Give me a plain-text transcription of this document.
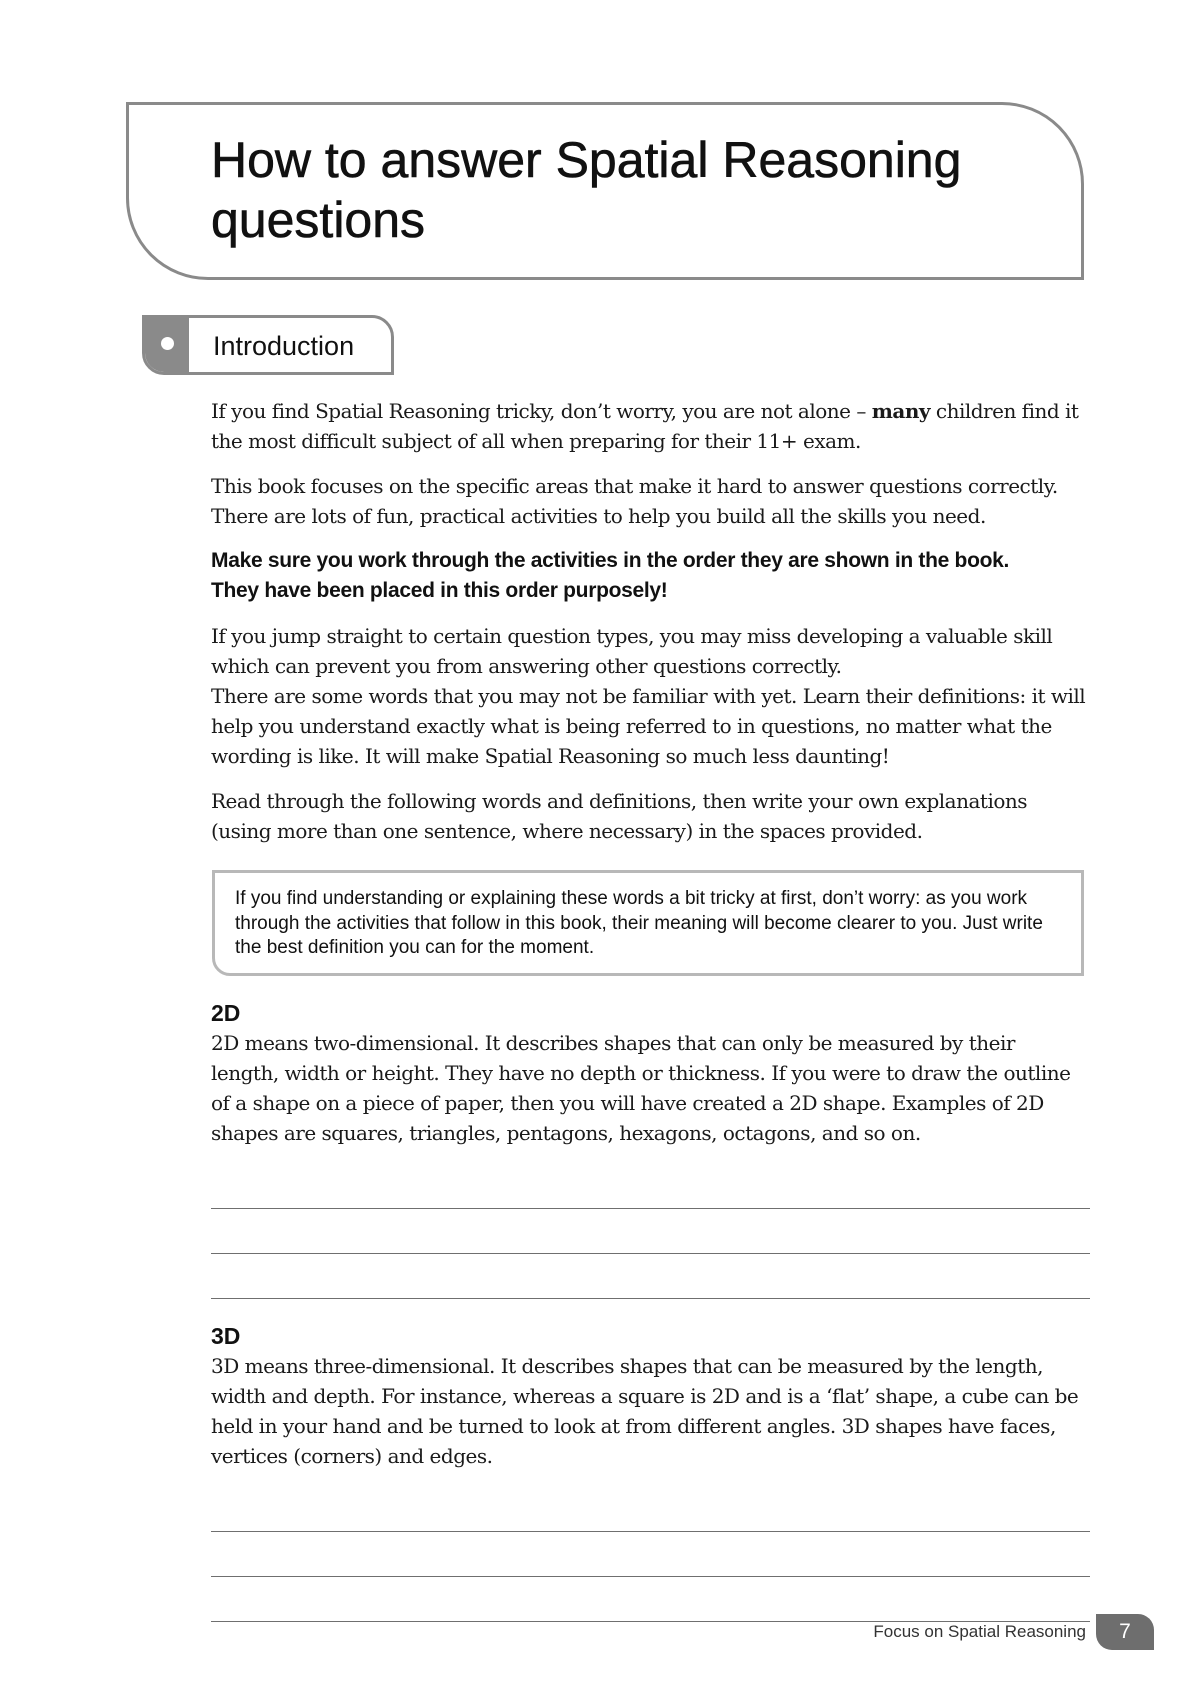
How to answer Spatial Reasoning questions
Introduction

If you find Spatial Reasoning tricky, don’t worry, you are not alone – many children find it the most difficult subject of all when preparing for their 11+ exam.

This book focuses on the specific areas that make it hard to answer questions correctly. There are lots of fun, practical activities to help you build all the skills you need.

Make sure you work through the activities in the order they are shown in the book.
They have been placed in this order purposely!

If you jump straight to certain question types, you may miss developing a valuable skill which can prevent you from answering other questions correctly.

There are some words that you may not be familiar with yet. Learn their definitions: it will help you understand exactly what is being referred to in questions, no matter what the wording is like. It will make Spatial Reasoning so much less daunting!

Read through the following words and definitions, then write your own explanations (using more than one sentence, where necessary) in the spaces provided.

If you find understanding or explaining these words a bit tricky at first, don’t worry: as you work through the activities that follow in this book, their meaning will become clearer to you. Just write the best definition you can for the moment.
2D

2D means two-dimensional. It describes shapes that can only be measured by their length, width or height. They have no depth or thickness. If you were to draw the outline of a shape on a piece of paper, then you will have created a 2D shape. Examples of 2D shapes are squares, triangles, pentagons, hexagons, octagons, and so on.

3D

3D means three-dimensional. It describes shapes that can be measured by the length, width and depth. For instance, whereas a square is 2D and is a ‘flat’ shape, a cube can be held in your hand and be turned to look at from different angles. 3D shapes have faces, vertices (corners) and edges.

Focus on Spatial Reasoning	7
